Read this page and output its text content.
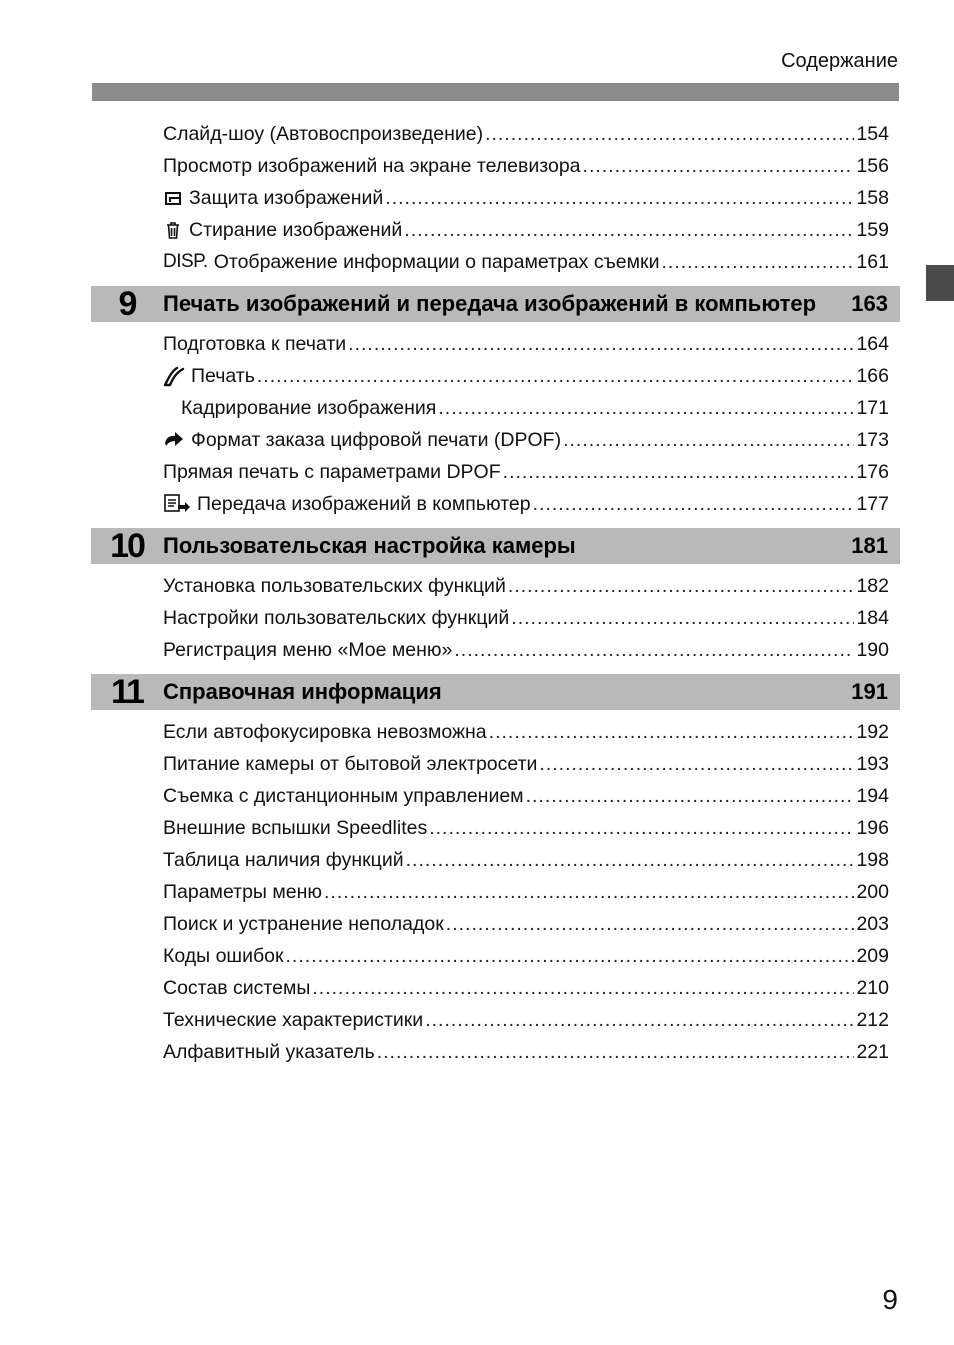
Содержание
Слайд-шоу (Автовоспроизведение) .....	154
Просмотр изображений на экране телевизора .....	156
Защита изображений .....	158
Стирание изображений .....	159
DISP. Отображение информации о параметрах съемки .....	161
9	Печать изображений и передача изображений в компьютер	163
Подготовка к печати .....	164
Печать .....	166
Кадрирование изображения .....	171
Формат заказа цифровой печати (DPOF) .....	173
Прямая печать с параметрами DPOF .....	176
Передача изображений в компьютер .....	177
10 Пользовательская настройка камеры	181
Установка пользовательских функций .....	182
Настройки пользовательских функций .....	184
Регистрация меню «Мое меню» .....	190
11 Справочная информация	191
Если автофокусировка невозможна .....	192
Питание камеры от бытовой электросети .....	193
Съемка с дистанционным управлением .....	194
Внешние вспышки Speedlites .....	196
Таблица наличия функций .....	198
Параметры меню .....	200
Поиск и устранение неполадок .....	203
Коды ошибок .....	209
Состав системы .....	210
Технические характеристики .....	212
Алфавитный указатель .....	221
9
